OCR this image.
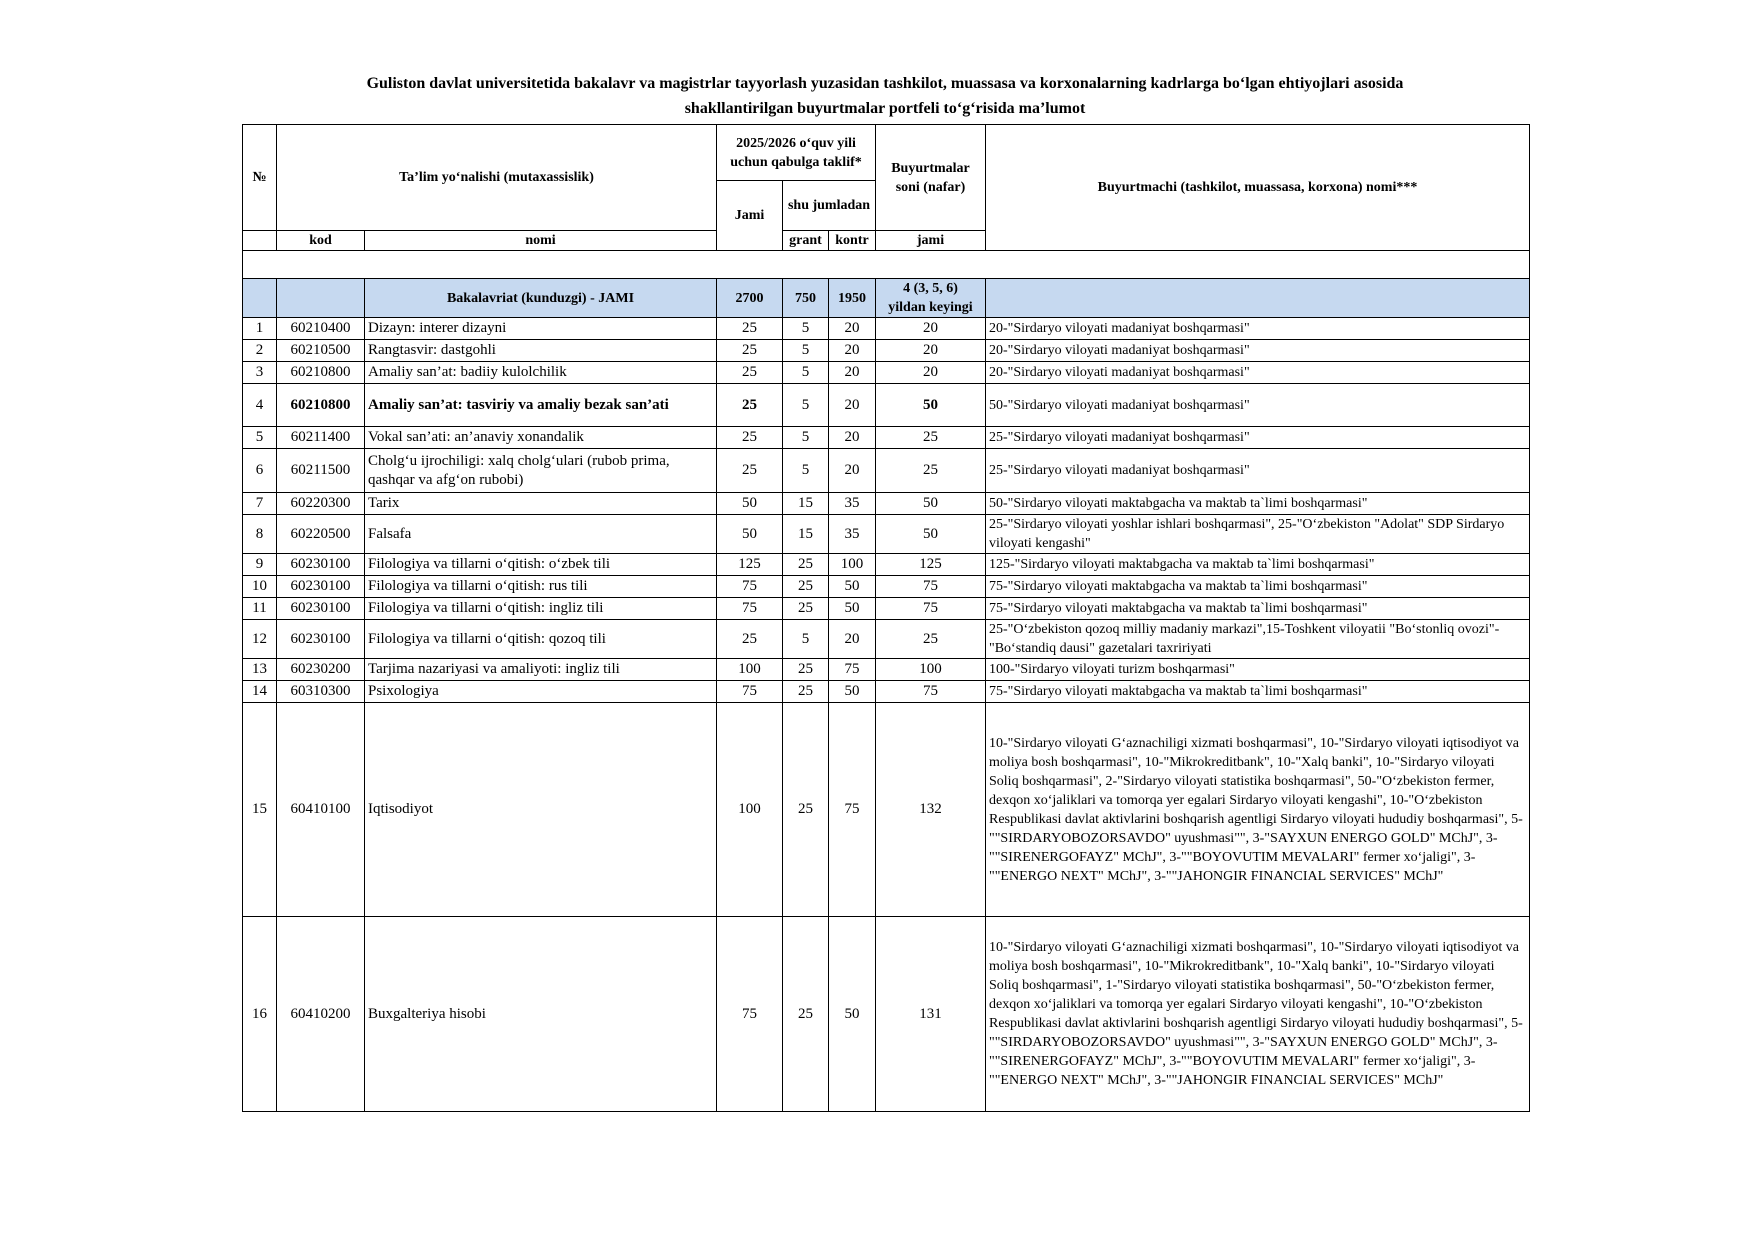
Guliston davlat universitetida bakalavr va magistrlar tayyorlash yuzasidan tashkilot, muassasa va korxonalarning kadrlarga bo‘lgan ehtiyojlari asosida
shakllantirilgan buyurtmalar portfeli to‘g‘risida ma’lumot
№	Ta’lim yo‘nalishi (mutaxassislik)		2025/2026 o‘quv yili uchun qabulga taklif*			Buyurtmalar soni (nafar)	Buyurtmachi (tashkilot, muassasa, korxona) nomi***
			Jami	shu jumladan			
	kod	nomi		grant	kontr	jami	

		Bakalavriat (kunduzgi) - JAMI	2700	750	1950	4 (3, 5, 6)
yildan keyingi	

1	60210400	Dizayn: interer dizayni	25	5	20	20	20-"Sirdaryo viloyati madaniyat boshqarmasi"
2	60210500	Rangtasvir: dastgohli	25	5	20	20	20-"Sirdaryo viloyati madaniyat boshqarmasi"
3	60210800	Amaliy san’at: badiiy kulolchilik	25	5	20	20	20-"Sirdaryo viloyati madaniyat boshqarmasi"
4	60210800	Amaliy san’at: tasviriy va amaliy bezak san’ati	25	5	20	50	50-"Sirdaryo viloyati madaniyat boshqarmasi"
5	60211400	Vokal san’ati: an’anaviy xonandalik	25	5	20	25	25-"Sirdaryo viloyati madaniyat boshqarmasi"
6	60211500	Cholg‘u ijrochiligi: xalq cholg‘ulari (rubob prima, qashqar va afg‘on rubobi)	25	5	20	25	25-"Sirdaryo viloyati madaniyat boshqarmasi"
7	60220300	Tarix	50	15	35	50	50-"Sirdaryo viloyati maktabgacha va maktab ta`limi boshqarmasi"
8	60220500	Falsafa	50	15	35	50	25-"Sirdaryo viloyati yoshlar ishlari boshqarmasi", 25-"O‘zbekiston "Adolat" SDP Sirdaryo viloyati kengashi"
9	60230100	Filologiya va tillarni o‘qitish: o‘zbek tili	125	25	100	125	125-"Sirdaryo viloyati maktabgacha va maktab ta`limi boshqarmasi"
10	60230100	Filologiya va tillarni o‘qitish: rus tili	75	25	50	75	75-"Sirdaryo viloyati maktabgacha va maktab ta`limi boshqarmasi"
11	60230100	Filologiya va tillarni o‘qitish: ingliz tili	75	25	50	75	75-"Sirdaryo viloyati maktabgacha va maktab ta`limi boshqarmasi"
12	60230100	Filologiya va tillarni o‘qitish: qozoq tili	25	5	20	25	25-"O‘zbekiston qozoq milliy madaniy markazi",15-Toshkent viloyatii "Bo‘stonliq ovozi"-"Bo‘standiq dausi" gazetalari taxririyati
13	60230200	Tarjima nazariyasi va amaliyoti: ingliz tili	100	25	75	100	100-"Sirdaryo viloyati turizm boshqarmasi"
14	60310300	Psixologiya	75	25	50	75	75-"Sirdaryo viloyati maktabgacha va maktab ta`limi boshqarmasi"
15	60410100	Iqtisodiyot	100	25	75	132	10-"Sirdaryo viloyati G‘aznachiligi xizmati boshqarmasi", 10-"Sirdaryo viloyati iqtisodiyot va moliya bosh boshqarmasi", 10-"Mikrokreditbank", 10-"Xalq banki", 10-"Sirdaryo viloyati Soliq boshqarmasi", 2-"Sirdaryo viloyati statistika boshqarmasi", 50-"O‘zbekiston fermer, dexqon xo‘jaliklari va tomorqa yer egalari Sirdaryo viloyati kengashi", 10-"O‘zbekiston Respublikasi davlat aktivlarini boshqarish agentligi Sirdaryo viloyati hududiy boshqarmasi", 5-""SIRDARYOBOZORSAVDO" uyushmasi"", 3-"SAYXUN ENERGO GOLD" MChJ", 3-""SIRENERGOFAYZ" MChJ", 3-""BOYOVUTIM MEVALARI" fermer xo‘jaligi", 3-""ENERGO NEXT" MChJ", 3-""JAHONGIR FINANCIAL SERVICES" MChJ"
16	60410200	Buxgalteriya hisobi	75	25	50	131	10-"Sirdaryo viloyati G‘aznachiligi xizmati boshqarmasi", 10-"Sirdaryo viloyati iqtisodiyot va moliya bosh boshqarmasi", 10-"Mikrokreditbank", 10-"Xalq banki", 10-"Sirdaryo viloyati Soliq boshqarmasi", 1-"Sirdaryo viloyati statistika boshqarmasi", 50-"O‘zbekiston fermer, dexqon xo‘jaliklari va tomorqa yer egalari Sirdaryo viloyati kengashi", 10-"O‘zbekiston Respublikasi davlat aktivlarini boshqarish agentligi Sirdaryo viloyati hududiy boshqarmasi", 5-""SIRDARYOBOZORSAVDO" uyushmasi"", 3-"SAYXUN ENERGO GOLD" MChJ", 3-""SIRENERGOFAYZ" MChJ", 3-""BOYOVUTIM MEVALARI" fermer xo‘jaligi", 3-""ENERGO NEXT" MChJ", 3-""JAHONGIR FINANCIAL SERVICES" MChJ"
